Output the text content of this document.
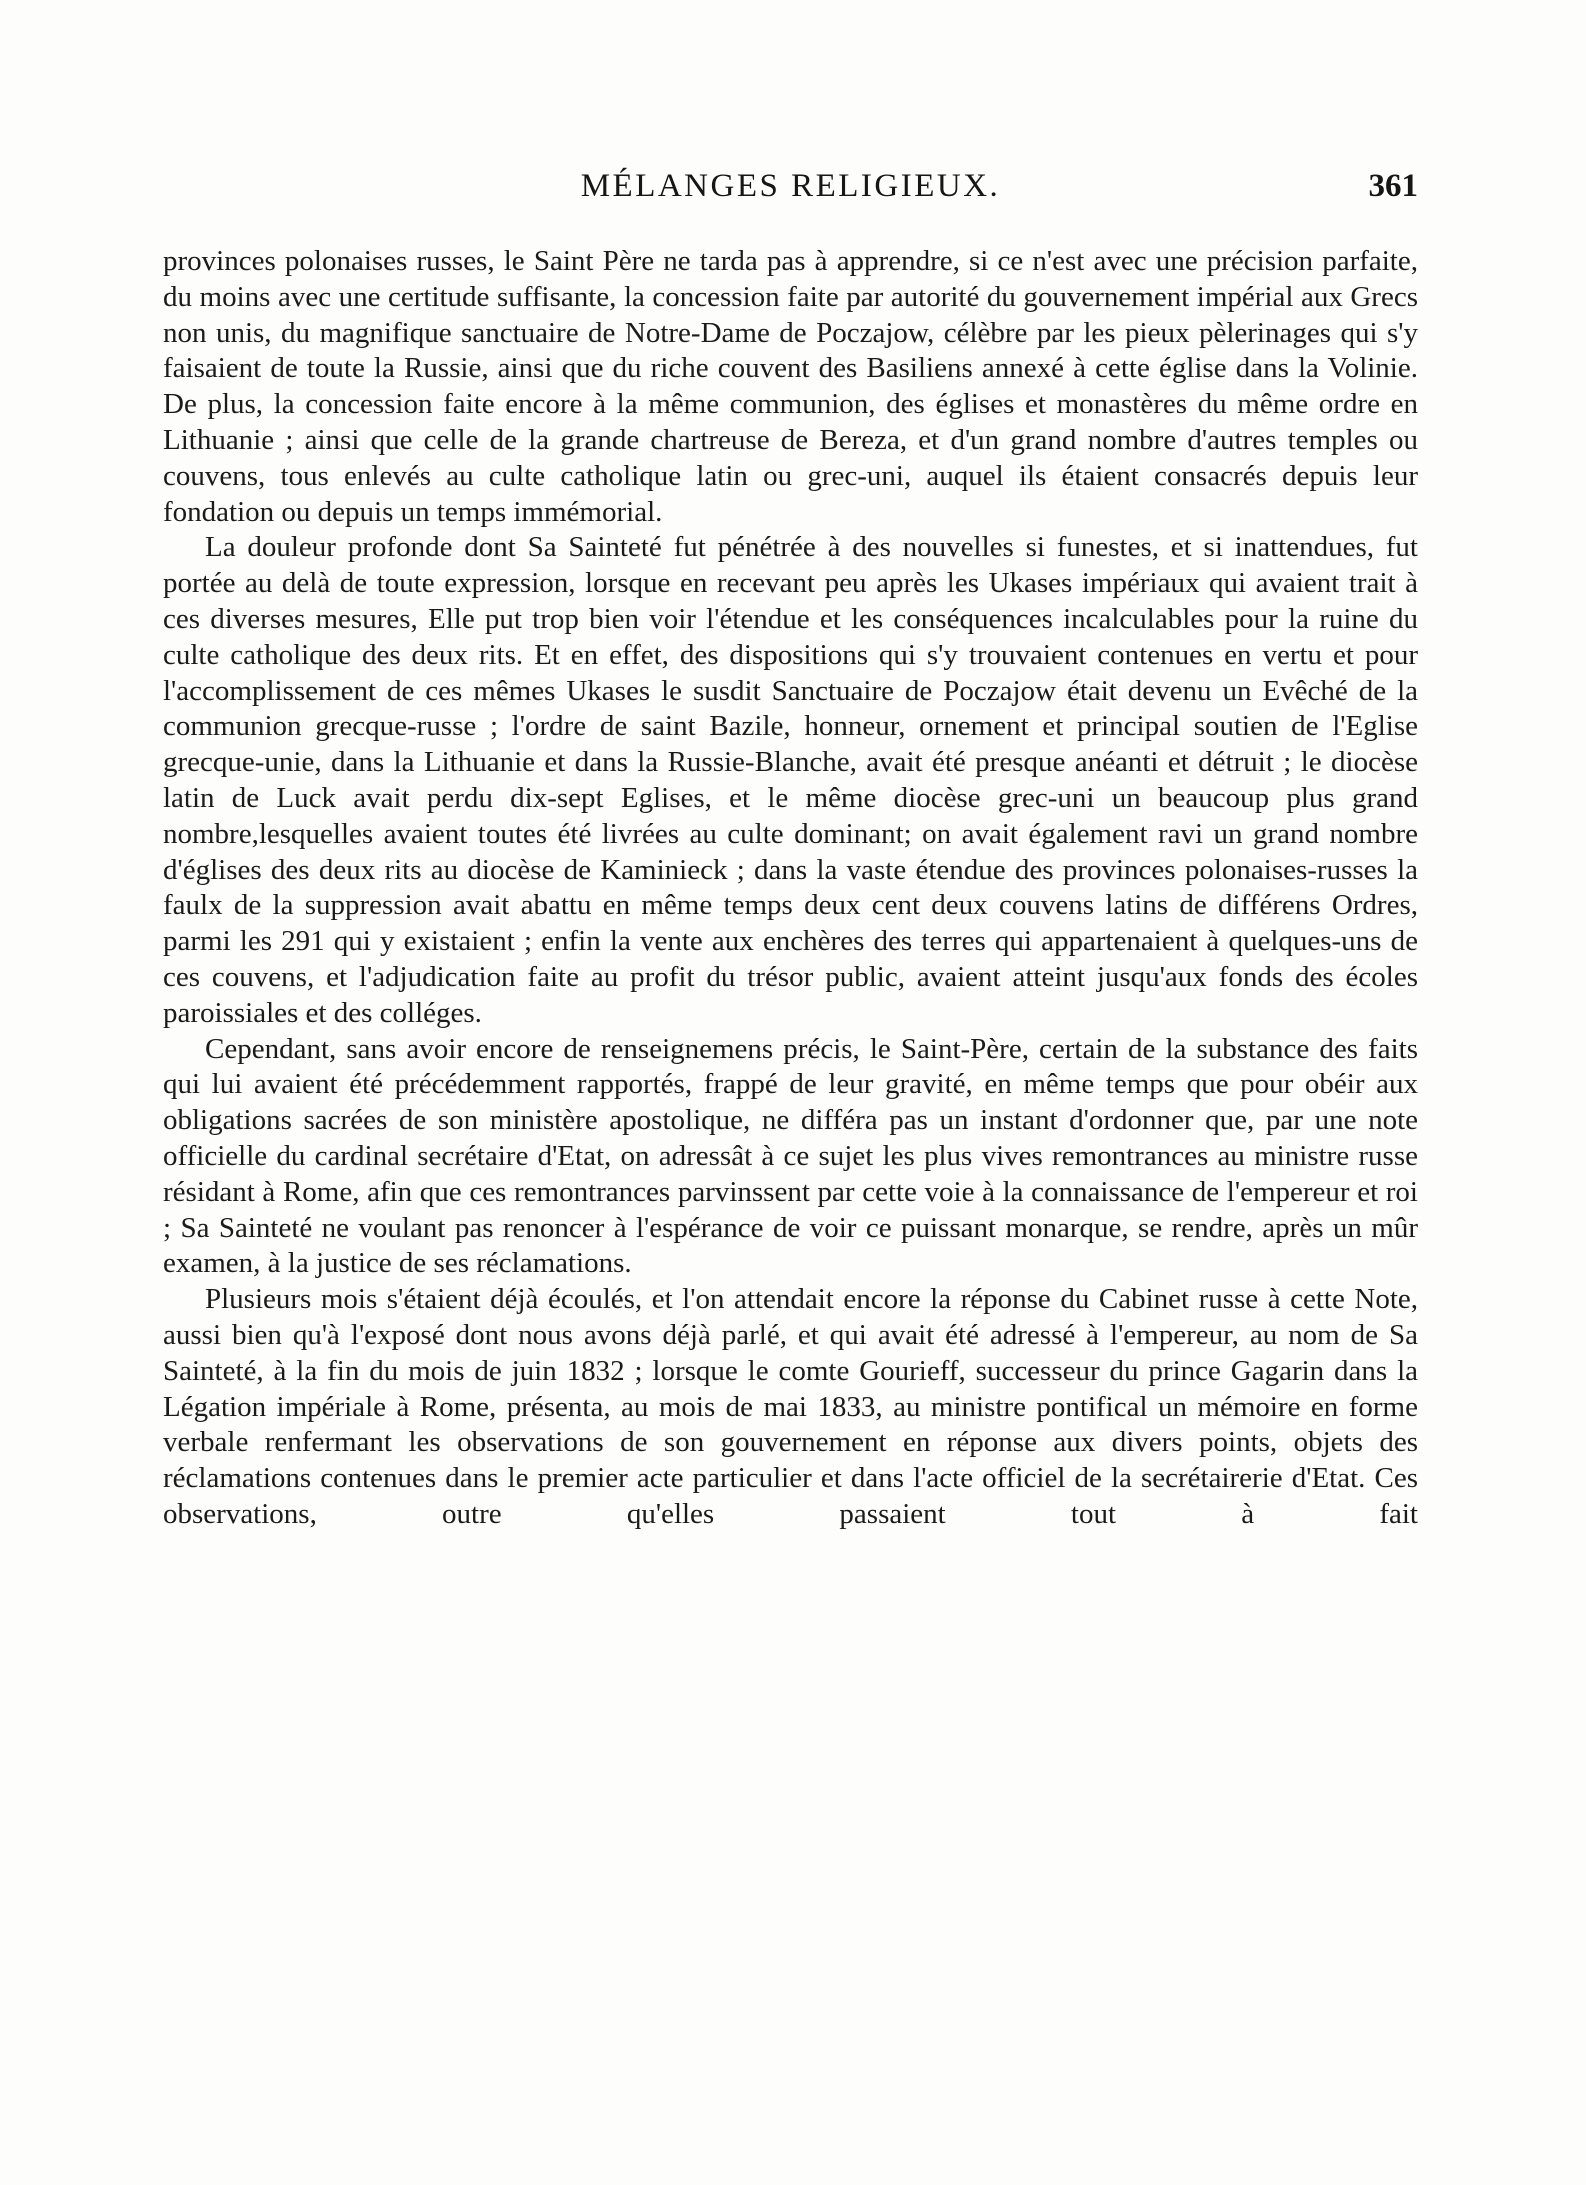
MÉLANGES RELIGIEUX.	361

provinces polonaises russes, le Saint Père ne tarda pas à apprendre, si ce n'est avec une précision parfaite, du moins avec une certitude suffisante, la concession faite par autorité du gouvernement impérial aux Grecs non unis, du magnifique sanctuaire de Notre-Dame de Poczajow, célèbre par les pieux pèlerinages qui s'y faisaient de toute la Russie, ainsi que du riche couvent des Basiliens annexé à cette église dans la Volinie. De plus, la concession faite encore à la même communion, des églises et monastères du même ordre en Lithuanie ; ainsi que celle de la grande chartreuse de Bereza, et d'un grand nombre d'autres temples ou couvens, tous enlevés au culte catholique latin ou grec-uni, auquel ils étaient consacrés depuis leur fondation ou depuis un temps immémorial.

La douleur profonde dont Sa Sainteté fut pénétrée à des nouvelles si funestes, et si inattendues, fut portée au delà de toute expression, lorsque en recevant peu après les Ukases impériaux qui avaient trait à ces diverses mesures, Elle put trop bien voir l'étendue et les conséquences incalculables pour la ruine du culte catholique des deux rits. Et en effet, des dispositions qui s'y trouvaient contenues en vertu et pour l'accomplissement de ces mêmes Ukases le susdit Sanctuaire de Poczajow était devenu un Evêché de la communion grecque-russe ; l'ordre de saint Bazile, honneur, ornement et principal soutien de l'Eglise grecque-unie, dans la Lithuanie et dans la Russie-Blanche, avait été presque anéanti et détruit ; le diocèse latin de Luck avait perdu dix-sept Eglises, et le même diocèse grec-uni un beaucoup plus grand nombre,lesquelles avaient toutes été livrées au culte dominant; on avait également ravi un grand nombre d'églises des deux rits au diocèse de Kaminieck ; dans la vaste étendue des provinces polonaises-russes la faulx de la suppression avait abattu en même temps deux cent deux couvens latins de différens Ordres, parmi les 291 qui y existaient ; enfin la vente aux enchères des terres qui appartenaient à quelques-uns de ces couvens, et l'adjudication faite au profit du trésor public, avaient atteint jusqu'aux fonds des écoles paroissiales et des colléges.

Cependant, sans avoir encore de renseignemens précis, le Saint-Père, certain de la substance des faits qui lui avaient été précédemment rapportés, frappé de leur gravité, en même temps que pour obéir aux obligations sacrées de son ministère apostolique, ne différa pas un instant d'ordonner que, par une note officielle du cardinal secrétaire d'Etat, on adressât à ce sujet les plus vives remontrances au ministre russe résidant à Rome, afin que ces remontrances parvinssent par cette voie à la connaissance de l'empereur et roi ; Sa Sainteté ne voulant pas renoncer à l'espérance de voir ce puissant monarque, se rendre, après un mûr examen, à la justice de ses réclamations.

Plusieurs mois s'étaient déjà écoulés, et l'on attendait encore la réponse du Cabinet russe à cette Note, aussi bien qu'à l'exposé dont nous avons déjà parlé, et qui avait été adressé à l'empereur, au nom de Sa Sainteté, à la fin du mois de juin 1832 ; lorsque le comte Gourieff, successeur du prince Gagarin dans la Légation impériale à Rome, présenta, au mois de mai 1833, au ministre pontifical un mémoire en forme verbale renfermant les observations de son gouvernement en réponse aux divers points, objets des réclamations contenues dans le premier acte particulier et dans l'acte officiel de la secrétairerie d'Etat. Ces observations, outre qu'elles passaient tout à fait
